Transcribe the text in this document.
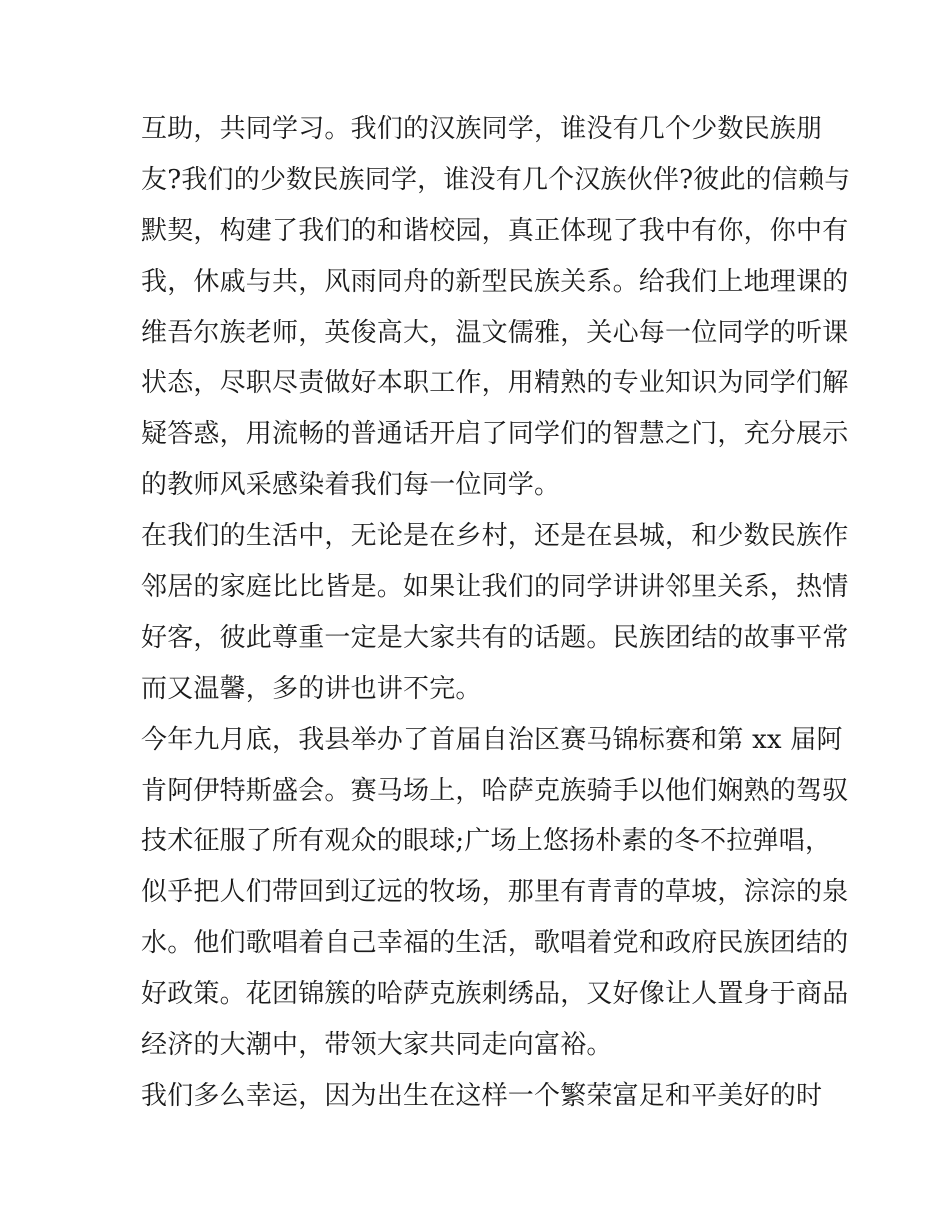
互助，共同学习。我们的汉族同学，谁没有几个少数民族朋
友?我们的少数民族同学，谁没有几个汉族伙伴?彼此的信赖与
默契，构建了我们的和谐校园，真正体现了我中有你，你中有
我，休戚与共，风雨同舟的新型民族关系。给我们上地理课的
维吾尔族老师，英俊高大，温文儒雅，关心每一位同学的听课
状态，尽职尽责做好本职工作，用精熟的专业知识为同学们解
疑答惑，用流畅的普通话开启了同学们的智慧之门，充分展示
的教师风采感染着我们每一位同学。
在我们的生活中，无论是在乡村，还是在县城，和少数民族作
邻居的家庭比比皆是。如果让我们的同学讲讲邻里关系，热情
好客，彼此尊重一定是大家共有的话题。民族团结的故事平常
而又温馨，多的讲也讲不完。
今年九月底，我县举办了首届自治区赛马锦标赛和第 xx 届阿
肯阿伊特斯盛会。赛马场上，哈萨克族骑手以他们娴熟的驾驭
技术征服了所有观众的眼球;广场上悠扬朴素的冬不拉弹唱，
似乎把人们带回到辽远的牧场，那里有青青的草坡，淙淙的泉
水。他们歌唱着自己幸福的生活，歌唱着党和政府民族团结的
好政策。花团锦簇的哈萨克族刺绣品，又好像让人置身于商品
经济的大潮中，带领大家共同走向富裕。
我们多么幸运，因为出生在这样一个繁荣富足和平美好的时
